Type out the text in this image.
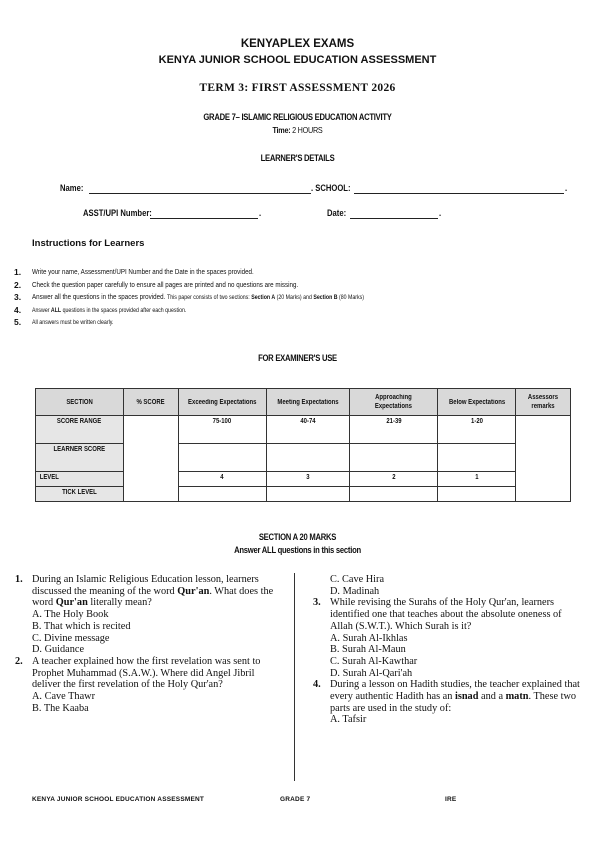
KENYAPLEX EXAMS
KENYA JUNIOR SCHOOL EDUCATION ASSESSMENT
TERM 3: FIRST ASSESSMENT 2026
GRADE 7– ISLAMIC RELIGIOUS EDUCATION ACTIVITY
Time: 2 HOURS
LEARNER'S DETAILS
Name:	. SCHOOL:	.
ASST/UPI Number:	.	Date:	.
Instructions for Learners
1. Write your name, Assessment/UPI Number and the Date in the spaces provided.
2. Check the question paper carefully to ensure all pages are printed and no questions are missing.
3. Answer all the questions in the spaces provided. This paper consists of two sections: Section A (20 Marks) and Section B (80 Marks)
4. Answer ALL questions in the spaces provided after each question.
5. All answers must be written clearly.
FOR EXAMINER'S USE
SECTION	% SCORE	Exceeding Expectations	Meeting Expectations	Approaching Expectations	Below Expectations	Assessors remarks
SCORE RANGE		75-100	40-74	21-39	1-20	
LEARNER SCORE						
LEVEL		4	3	2	1	
TICK LEVEL						
SECTION A 20 MARKS
Answer ALL questions in this section
1. During an Islamic Religious Education lesson, learners discussed the meaning of the word Qur'an. What does the word Qur'an literally mean?
A. The Holy Book
B. That which is recited
C. Divine message
D. Guidance
2. A teacher explained how the first revelation was sent to Prophet Muhammad (S.A.W.). Where did Angel Jibril deliver the first revelation of the Holy Qur'an?
A. Cave Thawr
B. The Kaaba
C. Cave Hira
D. Madinah
3. While revising the Surahs of the Holy Qur'an, learners identified one that teaches about the absolute oneness of Allah (S.W.T.). Which Surah is it?
A. Surah Al-Ikhlas
B. Surah Al-Maun
C. Surah Al-Kawthar
D. Surah Al-Qari'ah
4. During a lesson on Hadith studies, the teacher explained that every authentic Hadith has an isnad and a matn. These two parts are used in the study of:
A. Tafsir
KENYA JUNIOR SCHOOL EDUCATION ASSESSMENT	GRADE 7	IRE
